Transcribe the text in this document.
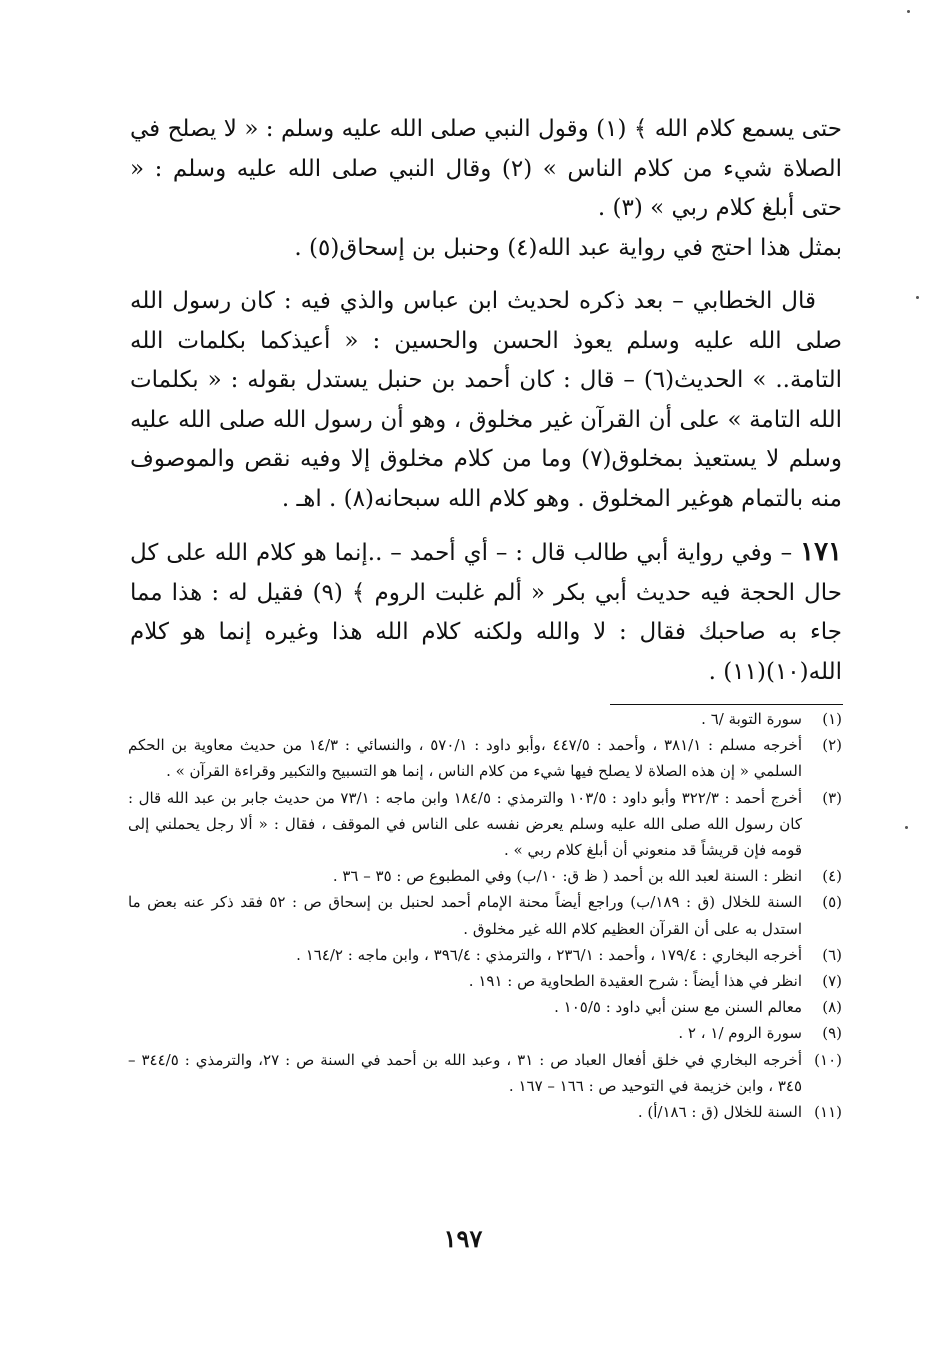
حتى يسمع كلام الله ﴾ (١) وقول النبي صلى الله عليه وسلم : « لا يصلح في الصلاة شيء من كلام الناس » (٢) وقال النبي صلى الله عليه وسلم : « حتى أبلغ كلام ربي » (٣) .

بمثل هذا احتج في رواية عبد الله(٤) وحنبل بن إسحاق(٥) .

قال الخطابي – بعد ذكره لحديث ابن عباس والذي فيه : كان رسول الله صلى الله عليه وسلم يعوذ الحسن والحسين : « أعيذكما بكلمات الله التامة.. » الحديث(٦) – قال : كان أحمد بن حنبل يستدل بقوله : « بكلمات الله التامة » على أن القرآن غير مخلوق ، وهو أن رسول الله صلى الله عليه وسلم لا يستعيذ بمخلوق(٧) وما من كلام مخلوق إلا وفيه نقص والموصوف منه بالتمام هوغير المخلوق . وهو كلام الله سبحانه(٨) . اهـ .

١٧١ – وفي رواية أبي طالب قال : – أي أحمد – ..إنما هو كلام الله على كل حال الحجة فيه حديث أبي بكر « ألم غلبت الروم ﴾ (٩) فقيل له : هذا مما جاء به صاحبك فقال : لا والله ولكنه كلام الله هذا وغيره إنما هو كلام الله(١٠)(١١) .

(١)

سورة التوبة /٦ .

(٢)

أخرجه مسلم : ٣٨١/١ ، وأحمد : ٤٤٧/٥ ،وأبو داود : ٥٧٠/١ ، والنسائي : ١٤/٣ من حديث معاوية بن الحكم السلمي « إن هذه الصلاة لا يصلح فيها شيء من كلام الناس ، إنما هو التسبيح والتكبير وقراءة القرآن » .

(٣)

أخرج أحمد : ٣٢٢/٣ وأبو داود : ١٠٣/٥ والترمذي : ١٨٤/٥ وابن ماجه : ٧٣/١ من حديث جابر بن عبد الله قال : كان رسول الله صلى الله عليه وسلم يعرض نفسه على الناس في الموقف ، فقال : « ألا رجل يحملني إلى قومه فإن قريشاً قد منعوني أن أبلغ كلام ربي » .

(٤)

انظر : السنة لعبد الله بن أحمد ( ظ ق: ١٠/ب) وفي المطبوع ص : ٣٥ – ٣٦ .

(٥)

السنة للخلال (ق : ١٨٩/ب) وراجع أيضاً محنة الإمام أحمد لحنبل بن إسحاق ص : ٥٢ فقد ذكر عنه بعض ما استدل به على أن القرآن العظيم كلام الله غير مخلوق .

(٦)

أخرجه البخاري : ١٧٩/٤ ، وأحمد : ٢٣٦/١ ، والترمذي : ٣٩٦/٤ ، وابن ماجه : ١٦٤/٢ .

(٧)

انظر في هذا أيضاً : شرح العقيدة الطحاوية ص : ١٩١ .

(٨)

معالم السنن مع سنن أبي داود : ١٠٥/٥ .

(٩)

سورة الروم /١ ، ٢ .

(١٠)

أخرجه البخاري في خلق أفعال العباد ص : ٣١ ، وعبد الله بن أحمد في السنة ص : ٢٧، والترمذي : ٣٤٤/٥ – ٣٤٥ ، وابن خزيمة في التوحيد ص : ١٦٦ – ١٦٧ .

(١١)

السنة للخلال (ق : ١٨٦/أ) .

١٩٧
